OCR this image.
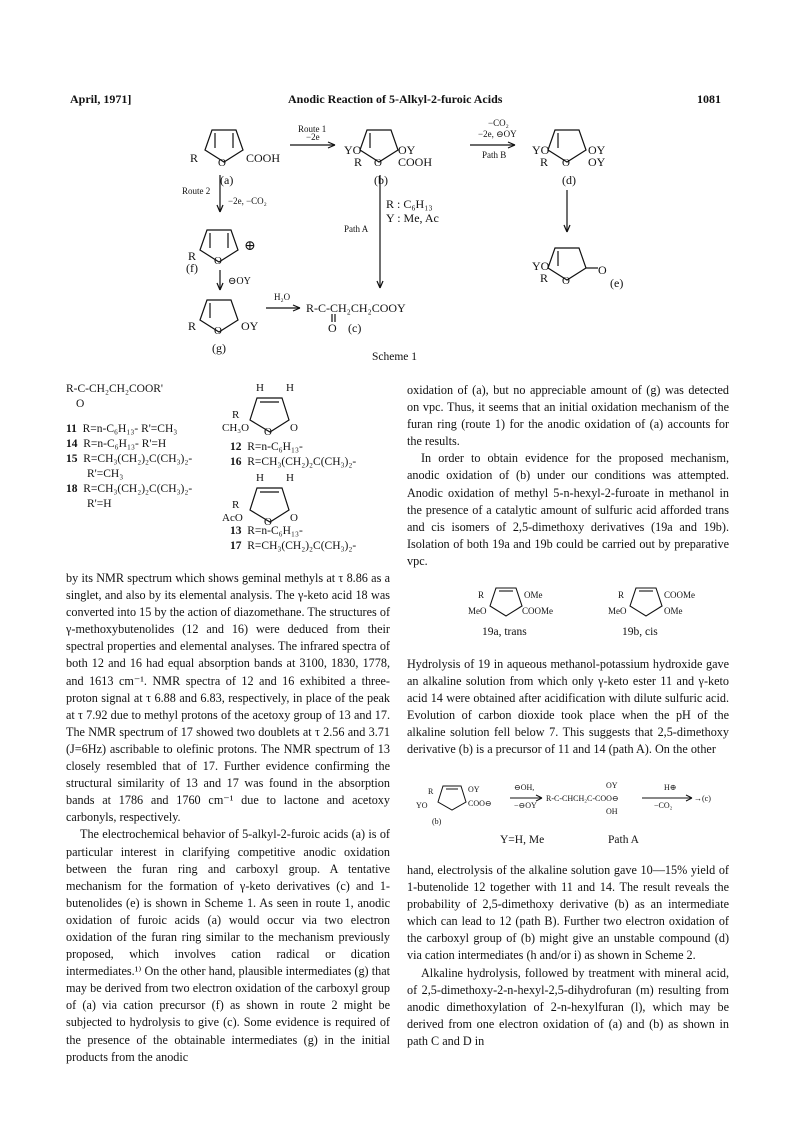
April, 1971]	Anodic Reaction of 5-Alkyl-2-furoic Acids	1081
R O COOH
(a)
YO
R O
OY
COOH
(b)
YO
R O
OY
OY
(d)
YO
R O
O
(e)
R O
⊕
(f)
⊖OY
R O OY
(g)
R : C₆H₁₃
Y : Me, Ac
Path A
Route 1
−2e
Route 2
−2e, −CO₂
−CO₂
−2e, ⊖OY
Path B
H₂O
R-C-CH₂CH₂COOY
O (c)
Scheme 1
R-C-CH₂CH₂COOR'
O
11 R=n-C₆H₁₃- R'=CH₃
14 R=n-C₆H₁₃- R'=H
15 R=CH₃(CH₂)₂C(CH₃)₂-
R'=CH₃
18 R=CH₃(CH₂)₂C(CH₃)₂-
R'=H
H H
R
CH₃O O O
H H
R
AcO O O
12 R=n-C₆H₁₃-
16 R=CH₃(CH₂)₂C(CH₃)₂-
13 R=n-C₆H₁₃-
17 R=CH₃(CH₂)₂C(CH₃)₂-

by its NMR spectrum which shows geminal methyls at τ 8.86 as a singlet, and also by its elemental analysis. The γ-keto acid 18 was converted into 15 by the action of diazomethane. The structures of γ-methoxybutenolides (12 and 16) were deduced from their spectral properties and elemental analyses. The infrared spectra of both 12 and 16 had equal absorption bands at 3100, 1830, 1778, and 1613 cm⁻¹. NMR spectra of 12 and 16 exhibited a three-proton signal at τ 6.88 and 6.83, respectively, in place of the peak at τ 7.92 due to methyl protons of the acetoxy group of 13 and 17. The NMR spectrum of 17 showed two doublets at τ 2.56 and 3.71 (J=6Hz) ascribable to olefinic protons. The NMR spectrum of 13 closely resembled that of 17. Further evidence confirming the structural similarity of 13 and 17 was found in the absorption bands at 1786 and 1760 cm⁻¹ due to lactone and acetoxy carbonyls, respectively.

The electrochemical behavior of 5-alkyl-2-furoic acids (a) is of particular interest in clarifying competitive anodic oxidation between the furan ring and carboxyl group. A tentative mechanism for the formation of γ-keto derivatives (c) and 1-butenolides (e) is shown in Scheme 1. As seen in route 1, anodic oxidation of furoic acids (a) would occur via two electron oxidation of the furan ring similar to the mechanism previously proposed, which involves cation radical or dication intermediates.¹⁾ On the other hand, plausible intermediates (g) that may be derived from two electron oxidation of the carboxyl group of (a) via cation precursor (f) as shown in route 2 might be subjected to hydrolysis to give (c). Some evidence is required of the presence of the obtainable intermediates (g) in the initial products from the anodic

oxidation of (a), but no appreciable amount of (g) was detected on vpc. Thus, it seems that an initial oxidation mechanism of the furan ring (route 1) for the anodic oxidation of (a) accounts for the results.

In order to obtain evidence for the proposed mechanism, anodic oxidation of (b) under our conditions was attempted. Anodic oxidation of methyl 5-n-hexyl-2-furoate in methanol in the presence of a catalytic amount of sulfuric acid afforded trans and cis isomers of 2,5-dimethoxy derivatives (19a and 19b). Isolation of both 19a and 19b could be carried out by preparative vpc.

R
MeO
OMe
COOMe
R
MeO
COOMe
OMe
19a, trans	19b, cis

Hydrolysis of 19 in aqueous methanol-potassium hydroxide gave an alkaline solution from which only γ-keto ester 11 and γ-keto acid 14 were obtained after acidification with dilute sulfuric acid. Evolution of carbon dioxide took place when the pH of the alkaline solution fell below 7. This suggests that 2,5-dimethoxy derivative (b) is a precursor of 11 and 14 (path A). On the other

R
YO
OY
COO⊖
(b)
⊖OH,
−⊖OY
R-C-CHCH₂C-COO⊖
OY
OH
H⊕
−CO₂
→(c)
Y=H, Me	Path A

hand, electrolysis of the alkaline solution gave 10—15% yield of 1-butenolide 12 together with 11 and 14. The result reveals the probability of 2,5-dimethoxy derivative (b) as an intermediate which can lead to 12 (path B). Further two electron oxidation of the carboxyl group of (b) might give an unstable compound (d) via cation intermediates (h and/or i) as shown in Scheme 2.

Alkaline hydrolysis, followed by treatment with mineral acid, of 2,5-dimethoxy-2-n-hexyl-2,5-dihydrofuran (m) resulting from anodic dimethoxylation of 2-n-hexylfuran (l), which may be derived from one electron oxidation of (a) and (b) as shown in path C and D in
